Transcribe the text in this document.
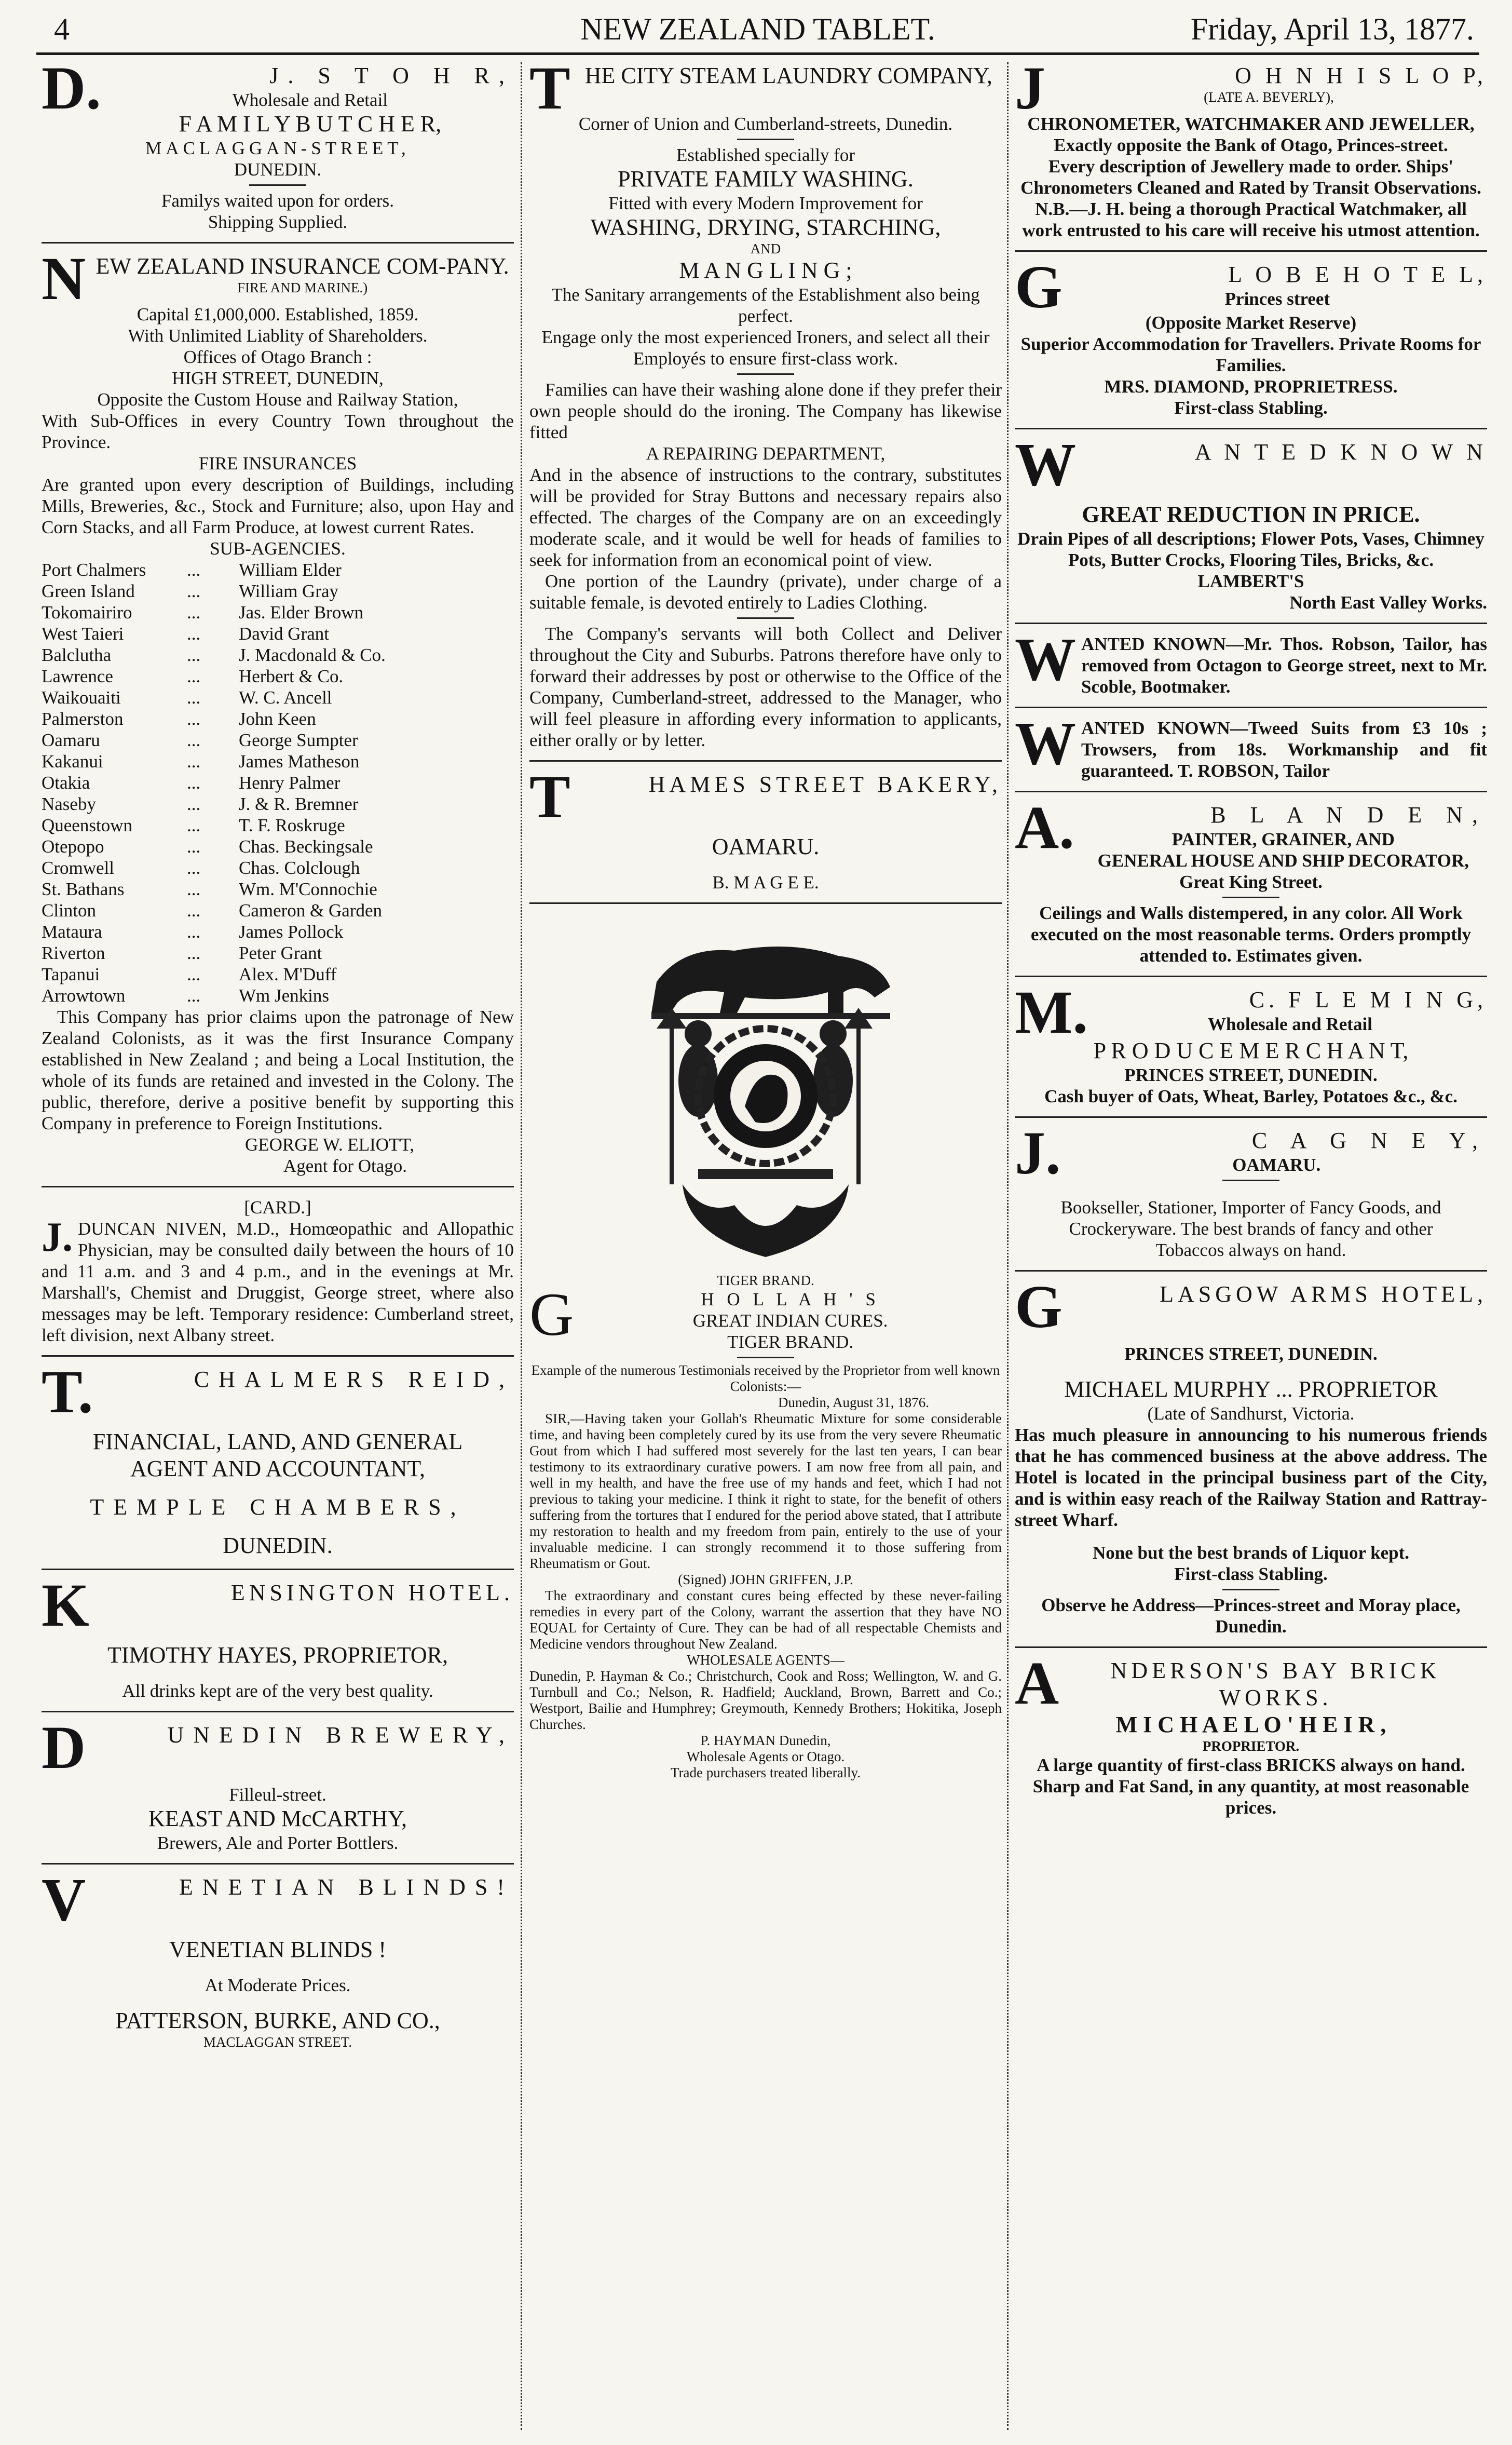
4	NEW ZEALAND TABLET.	Friday, April 13, 1877.
D.	J. S T O H R,
Wholesale and Retail
F A M I L Y B U T C H E R,
MACLAGGAN-STREET,
DUNEDIN.
Familys waited upon for orders.
Shipping Supplied.
N EW ZEALAND INSURANCE COM-PANY.
FIRE AND MARINE.)
Capital £1,000,000. Established, 1859.
With Unlimited Liablity of Shareholders.
Offices of Otago Branch :
HIGH STREET, DUNEDIN,
Opposite the Custom House and Railway Station,
With Sub-Offices in every Country Town throughout the Province.
FIRE INSURANCES
Are granted upon every description of Buildings, including Mills, Breweries, &c., Stock and Furniture; also, upon Hay and Corn Stacks, and all Farm Produce, at lowest current Rates.
SUB-AGENCIES.
Port Chalmers	...	William Elder
Green Island	...	William Gray
Tokomairiro	...	Jas. Elder Brown
West Taieri	...	David Grant
Balclutha	...	J. Macdonald & Co.
Lawrence	...	Herbert & Co.
Waikouaiti	...	W. C. Ancell
Palmerston	...	John Keen
Oamaru	...	George Sumpter
Kakanui	...	James Matheson
Otakia	...	Henry Palmer
Naseby	...	J. & R. Bremner
Queenstown	...	T. F. Roskruge
Otepopo	...	Chas. Beckingsale
Cromwell	...	Chas. Colclough
St. Bathans	...	Wm. M'Connochie
Clinton	...	Cameron & Garden
Mataura	...	James Pollock
Riverton	...	Peter Grant
Tapanui	...	Alex. M'Duff
Arrowtown	...	Wm Jenkins
This Company has prior claims upon the patronage of New Zealand Colonists, as it was the first Insurance Company established in New Zealand ; and being a Local Institution, the whole of its funds are retained and invested in the Colony. The public, therefore, derive a positive benefit by supporting this Company in preference to Foreign Institutions.
GEORGE W. ELIOTT,
Agent for Otago.
[CARD.]
J. DUNCAN NIVEN, M.D., Homœopathic and Allopathic Physician, may be consulted daily between the hours of 10 and 11 a.m. and 3 and 4 p.m., and in the evenings at Mr. Marshall's, Chemist and Druggist, George street, where also messages may be left. Temporary residence: Cumberland street, left division, next Albany street.
T.	CHALMERS REID,
FINANCIAL, LAND, AND GENERAL
AGENT AND ACCOUNTANT,
TEMPLE CHAMBERS,
DUNEDIN.
K	ENSINGTON HOTEL.
TIMOTHY HAYES, PROPRIETOR,
All drinks kept are of the very best quality.
D	UNEDIN BREWERY,
Filleul-street.
KEAST AND McCARTHY,
Brewers, Ale and Porter Bottlers.
V	ENETIAN BLINDS!
VENETIAN BLINDS !
At Moderate Prices.
PATTERSON, BURKE, AND CO.,
MACLAGGAN STREET.
T HE CITY STEAM LAUNDRY COMPANY,
Corner of Union and Cumberland-streets, Dunedin.
Established specially for
PRIVATE FAMILY WASHING.
Fitted with every Modern Improvement for
WASHING, DRYING, STARCHING,
AND
M A N G L I N G ;
The Sanitary arrangements of the Establishment also being perfect.
Engage only the most experienced Ironers, and select all their Employés to ensure first-class work.
Families can have their washing alone done if they prefer their own people should do the ironing. The Company has likewise fitted
A REPAIRING DEPARTMENT,
And in the absence of instructions to the contrary, substitutes will be provided for Stray Buttons and necessary repairs also effected. The charges of the Company are on an exceedingly moderate scale, and it would be well for heads of families to seek for information from an economical point of view.
One portion of the Laundry (private), under charge of a suitable female, is devoted entirely to Ladies Clothing.
The Company's servants will both Collect and Deliver throughout the City and Suburbs. Patrons therefore have only to forward their addresses by post or otherwise to the Office of the Company, Cumberland-street, addressed to the Manager, who will feel pleasure in affording every information to applicants, either orally or by letter.
T	HAMES STREET BAKERY,
OAMARU.
B. M A G E E.
TIGER BRAND.
G	H O L L A H ' S
GREAT INDIAN CURES.
TIGER BRAND.
Example of the numerous Testimonials received by the Proprietor from well known Colonists:—
Dunedin, August 31, 1876.
SIR,—Having taken your Gollah's Rheumatic Mixture for some considerable time, and having been completely cured by its use from the very severe Rheumatic Gout from which I had suffered most severely for the last ten years, I can bear testimony to its extraordinary curative powers. I am now free from all pain, and well in my health, and have the free use of my hands and feet, which I had not previous to taking your medicine. I think it right to state, for the benefit of others suffering from the tortures that I endured for the period above stated, that I attribute my restoration to health and my freedom from pain, entirely to the use of your invaluable medicine. I can strongly recommend it to those suffering from Rheumatism or Gout.
(Signed) JOHN GRIFFEN, J.P.
The extraordinary and constant cures being effected by these never-failing remedies in every part of the Colony, warrant the assertion that they have NO EQUAL for Certainty of Cure. They can be had of all respectable Chemists and Medicine vendors throughout New Zealand.
WHOLESALE AGENTS—
Dunedin, P. Hayman & Co.; Christchurch, Cook and Ross; Wellington, W. and G. Turnbull and Co.; Nelson, R. Hadfield; Auckland, Brown, Barrett and Co.; Westport, Bailie and Humphrey; Greymouth, Kennedy Brothers; Hokitika, Joseph Churches.
P. HAYMAN Dunedin,
Wholesale Agents or Otago.
Trade purchasers treated liberally.
J	O H N H I S L O P,
(LATE A. BEVERLY),
CHRONOMETER, WATCHMAKER AND JEWELLER,
Exactly opposite the Bank of Otago, Princes-street.
Every description of Jewellery made to order. Ships' Chronometers Cleaned and Rated by Transit Observations.
N.B.—J. H. being a thorough Practical Watchmaker, all work entrusted to his care will receive his utmost attention.
G	L O B E H O T E L,
Princes street
(Opposite Market Reserve)
Superior Accommodation for Travellers. Private Rooms for Families.
MRS. DIAMOND, PROPRIETRESS.
First-class Stabling.
W	A N T E D K N O W N
GREAT REDUCTION IN PRICE.
Drain Pipes of all descriptions; Flower Pots, Vases, Chimney Pots, Butter Crocks, Flooring Tiles, Bricks, &c.
LAMBERT'S
North East Valley Works.
W ANTED KNOWN—Mr. Thos. Robson, Tailor, has removed from Octagon to George street, next to Mr. Scoble, Bootmaker.
W ANTED KNOWN—Tweed Suits from £3 10s ; Trowsers, from 18s. Workmanship and fit guaranteed. T. ROBSON, Tailor
A.	B L A N D E N,
PAINTER, GRAINER, AND
GENERAL HOUSE AND SHIP DECORATOR,
Great King Street.
Ceilings and Walls distempered, in any color. All Work executed on the most reasonable terms. Orders promptly attended to. Estimates given.
M.	C. F L E M I N G,
Wholesale and Retail
P R O D U C E M E R C H A N T,
PRINCES STREET, DUNEDIN.
Cash buyer of Oats, Wheat, Barley, Potatoes &c., &c.
J.	C A G N E Y,
OAMARU.
Bookseller, Stationer, Importer of Fancy Goods, and Crockeryware. The best brands of fancy and other Tobaccos always on hand.
G	LASGOW ARMS HOTEL,
PRINCES STREET, DUNEDIN.
MICHAEL MURPHY ... PROPRIETOR
(Late of Sandhurst, Victoria.
Has much pleasure in announcing to his numerous friends that he has commenced business at the above address. The Hotel is located in the principal business part of the City, and is within easy reach of the Railway Station and Rattray-street Wharf.
None but the best brands of Liquor kept.
First-class Stabling.
Observe he Address—Princes-street and Moray place, Dunedin.
A	NDERSON'S BAY BRICK WORKS.
M I C H A E L O ' H E I R ,
PROPRIETOR.
A large quantity of first-class BRICKS always on hand.
Sharp and Fat Sand, in any quantity, at most reasonable prices.
